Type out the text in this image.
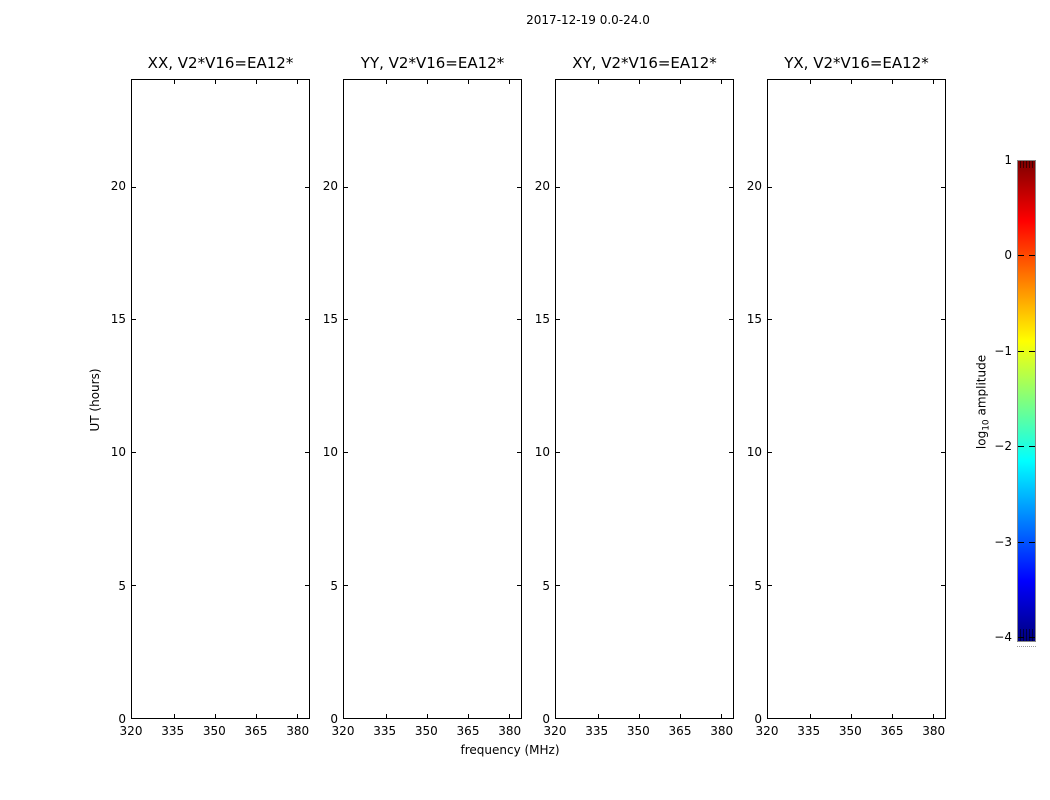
2017-12-19 0.0-24.0
XX, V2*V16=EA12*
320 335 350 365 380
0
5
10
15
20
YY, V2*V16=EA12*
320 335 350 365 380
0
5
10
15
20
XY, V2*V16=EA12*
320 335 350 365 380
0
5
10
15
20
YX, V2*V16=EA12*
320 335 350 365 380
0
5
10
15
20
frequency (MHz)
UT (hours)
$\log_{10}$ amplitude
1
0
−1
−2
−3
−4
